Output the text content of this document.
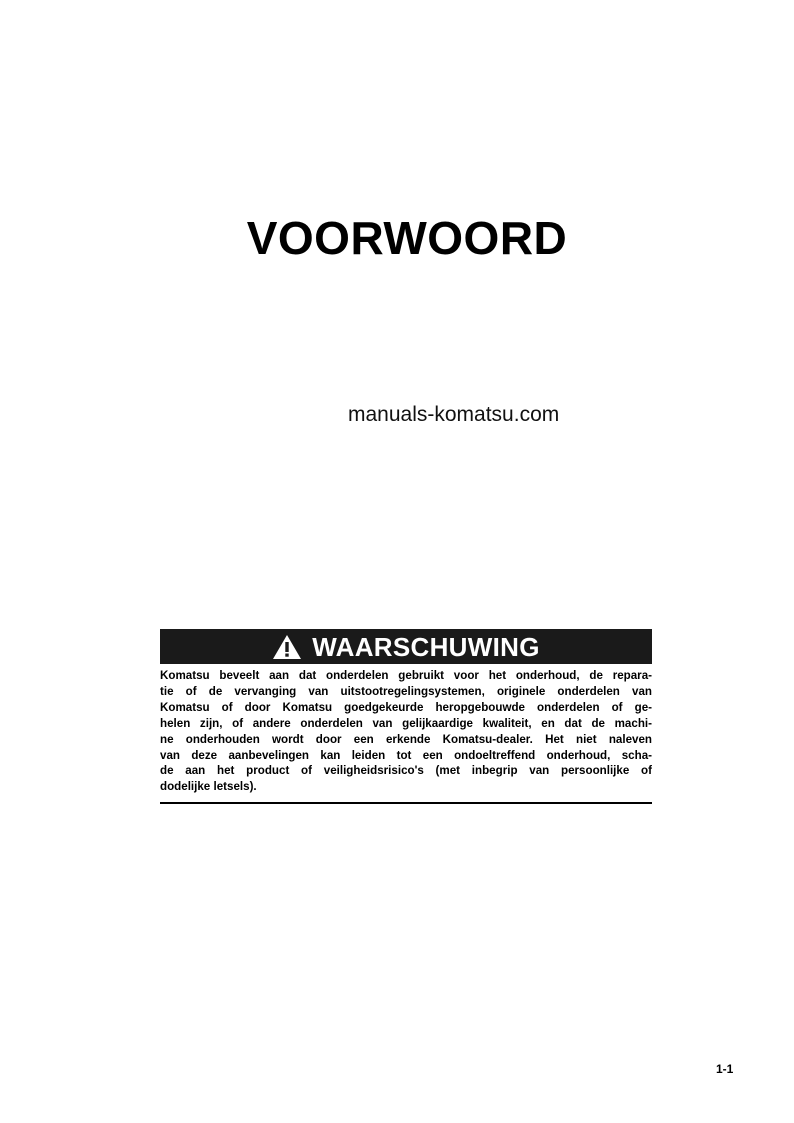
VOORWOORD
manuals-komatsu.com
WAARSCHUWING

Komatsu beveelt aan dat onderdelen gebruikt voor het onderhoud, de repara-
tie of de vervanging van uitstootregelingsystemen, originele onderdelen van
Komatsu of door Komatsu goedgekeurde heropgebouwde onderdelen of ge-
helen zijn, of andere onderdelen van gelijkaardige kwaliteit, en dat de machi-
ne onderhouden wordt door een erkende Komatsu-dealer. Het niet naleven
van deze aanbevelingen kan leiden tot een ondoeltreffend onderhoud, scha-
de aan het product of veiligheidsrisico's (met inbegrip van persoonlijke of
dodelijke letsels).

1-1
